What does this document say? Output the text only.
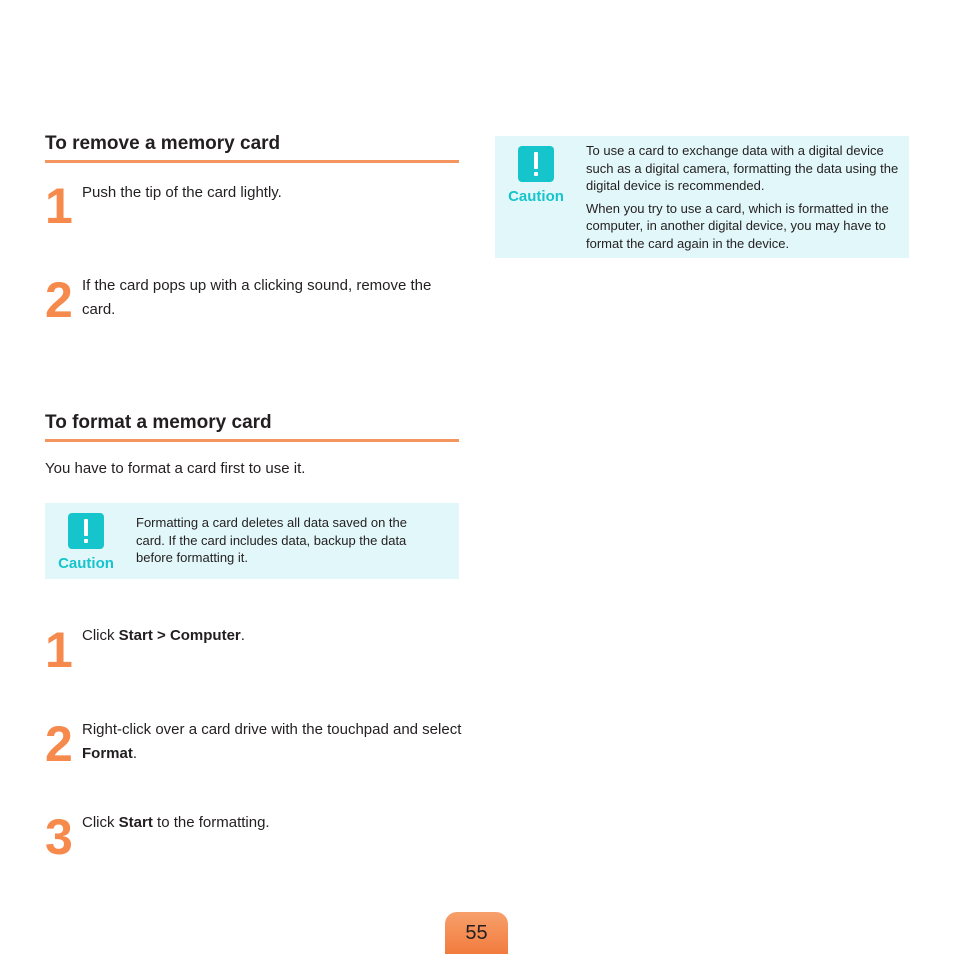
To remove a memory card
1 Push the tip of the card lightly.
2 If the card pops up with a clicking sound, remove the card.
To format a memory card
You have to format a card first to use it.
Caution
Formatting a card deletes all data saved on the card. If the card includes data, backup the data before formatting it.
1 Click Start > Computer.
2 Right-click over a card drive with the touchpad and select Format.
3 Click Start to the formatting.
Caution

To use a card to exchange data with a digital device such as a digital camera, formatting the data using the digital device is recommended.

When you try to use a card, which is formatted in the computer, in another digital device, you may have to format the card again in the device.

55
